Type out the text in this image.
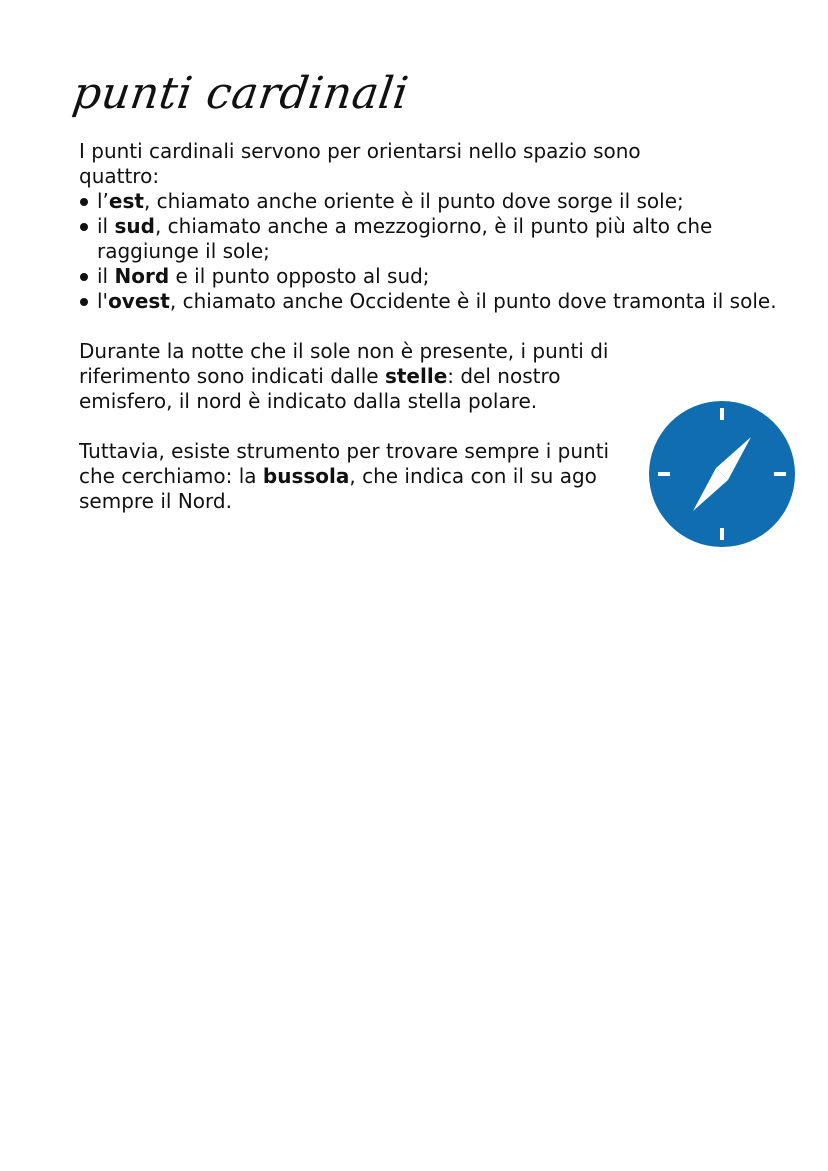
punti cardinali

I punti cardinali servono per orientarsi nello spazio sono quattro:

l’est, chiamato anche oriente è il punto dove sorge il sole;
il sud, chiamato anche a mezzogiorno, è il punto più alto che raggiunge il sole;
il Nord e il punto opposto al sud;
l'ovest, chiamato anche Occidente è il punto dove tramonta il sole.

Durante la notte che il sole non è presente, i punti di riferimento sono indicati dalle stelle: del nostro emisfero, il nord è indicato dalla stella polare.

Tuttavia, esiste strumento per trovare sempre i punti che cerchiamo: la bussola, che indica con il su ago sempre il Nord.
